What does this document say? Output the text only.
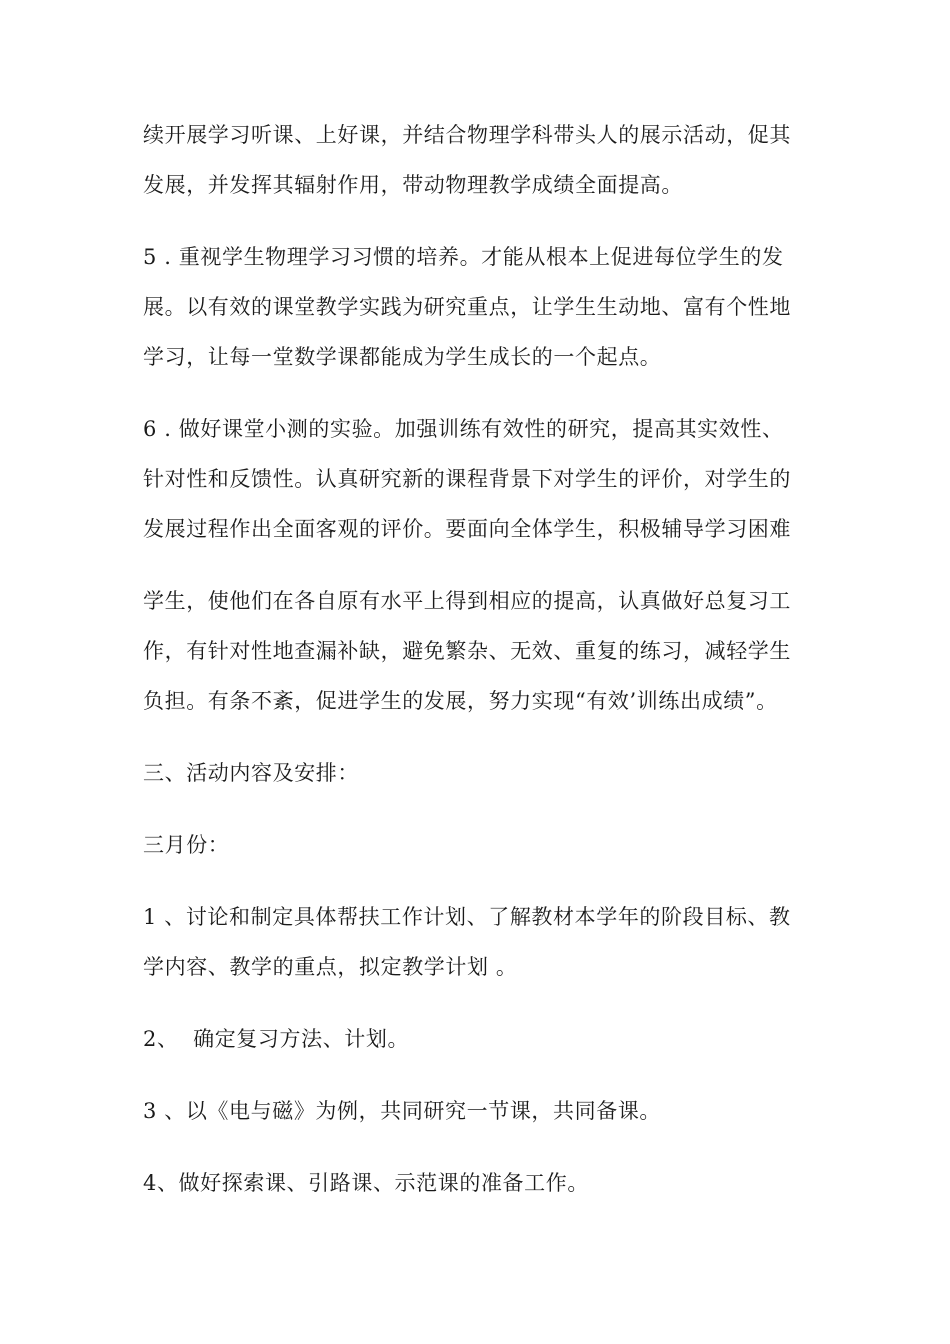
续开展学习听课、上好课，并结合物理学科带头人的展示活动，促其
发展，并发挥其辐射作用，带动物理教学成绩全面提高。
5 . 重视学生物理学习习惯的培养。才能从根本上促进每位学生的发
展。以有效的课堂教学实践为研究重点，让学生生动地、富有个性地
学习，让每一堂数学课都能成为学生成长的一个起点。
6 . 做好课堂小测的实验。加强训练有效性的研究，提高其实效性、
针对性和反馈性。认真研究新的课程背景下对学生的评价，对学生的
发展过程作出全面客观的评价。要面向全体学生，积极辅导学习困难
学生，使他们在各自原有水平上得到相应的提高，认真做好总复习工
作，有针对性地查漏补缺，避免繁杂、无效、重复的练习，减轻学生
负担。有条不紊，促进学生的发展，努力实现“有效’训练出成绩”。
三、活动内容及安排：
三月份：
1 、讨论和制定具体帮扶工作计划、了解教材本学年的阶段目标、教
学内容、教学的重点，拟定教学计划 。
2、  确定复习方法、计划。
3 、以《电与磁》为例，共同研究一节课，共同备课。
4、做好探索课、引路课、示范课的准备工作。
